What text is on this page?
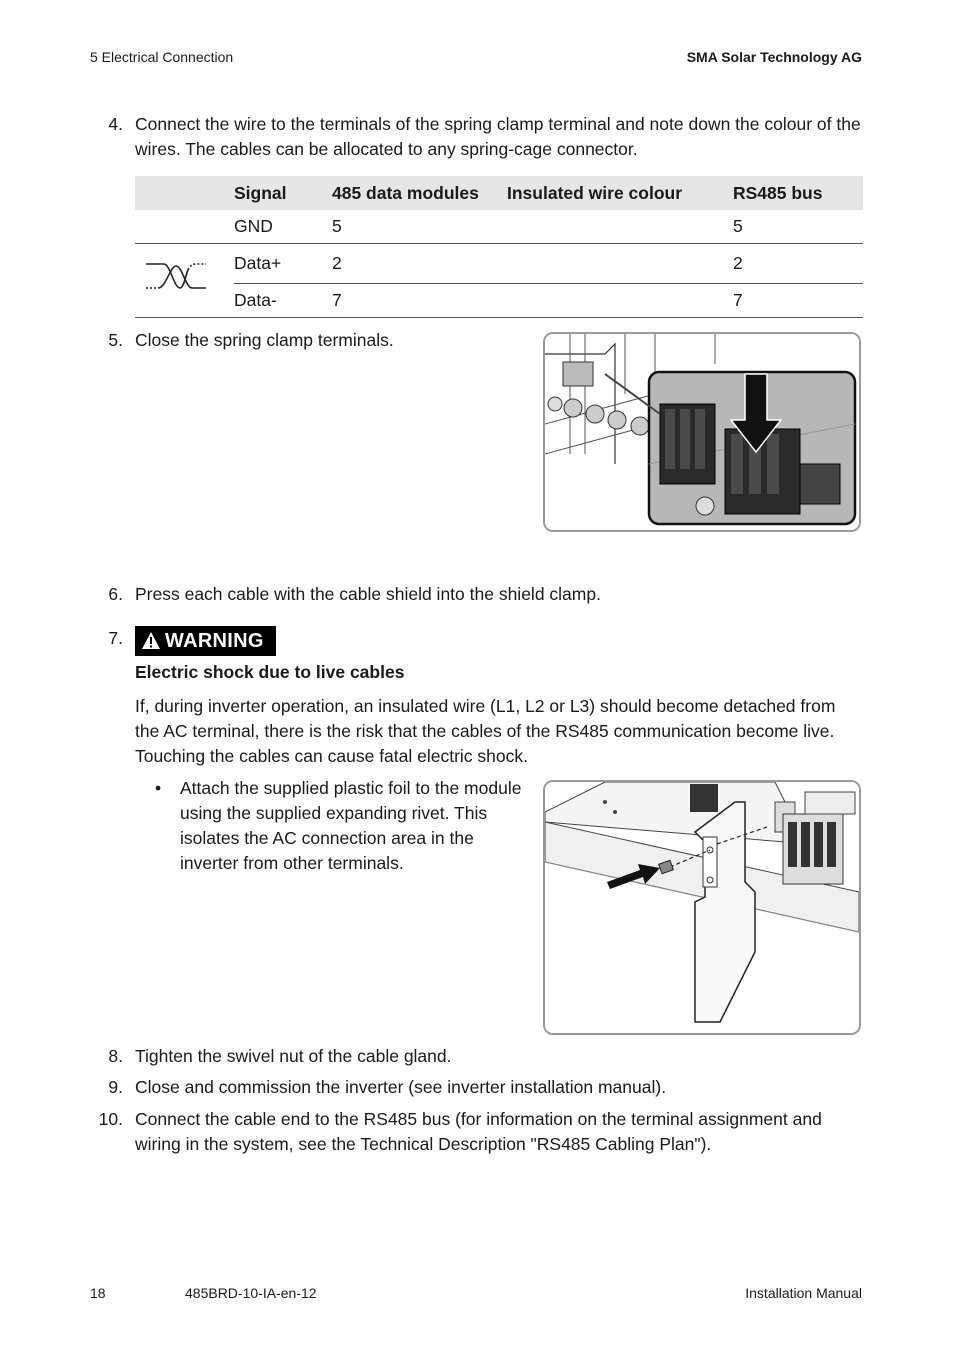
5 Electrical Connection	SMA Solar Technology AG
4. Connect the wire to the terminals of the spring clamp terminal and note down the colour of the wires. The cables can be allocated to any spring-cage connector.
	Signal	485 data modules	Insulated wire colour	RS485 bus
	GND	5		5
	Data+	2		2
	Data-	7		7
5. Close the spring clamp terminals.
6. Press each cable with the cable shield into the shield clamp.
7. WARNING
Electric shock due to live cables
If, during inverter operation, an insulated wire (L1, L2 or L3) should become detached from the AC terminal, there is the risk that the cables of the RS485 communication become live. Touching the cables can cause fatal electric shock.
• Attach the supplied plastic foil to the module using the supplied expanding rivet. This isolates the AC connection area in the inverter from other terminals.
8. Tighten the swivel nut of the cable gland.
9. Close and commission the inverter (see inverter installation manual).
10. Connect the cable end to the RS485 bus (for information on the terminal assignment and wiring in the system, see the Technical Description "RS485 Cabling Plan").
18	485BRD-10-IA-en-12	Installation Manual
